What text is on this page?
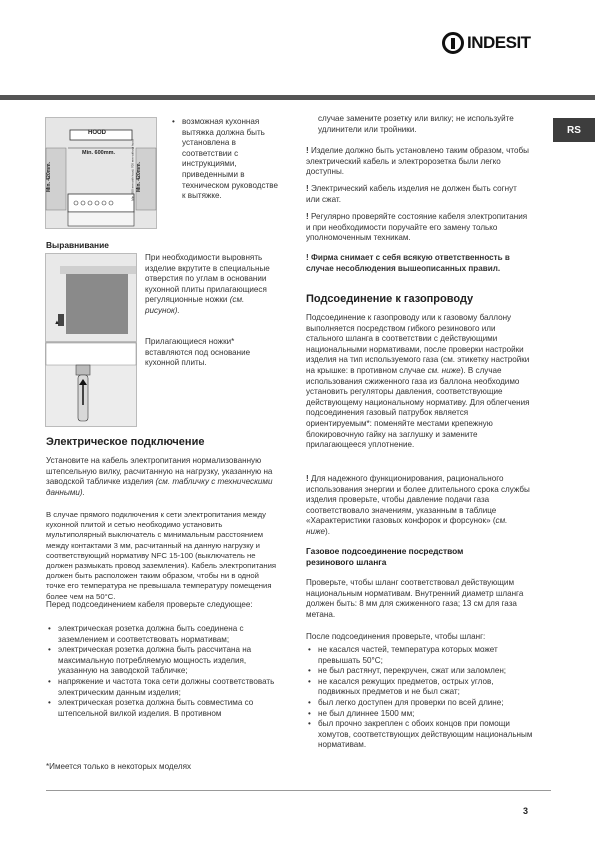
INDESIT
RS
HOOD
Min. 600mm.
Min. 420mm.	Min. 420mm.
Min. 650 mm with hood; 700 mm without hood
• возможная кухонная вытяжка должна быть установлена в соответствии с инструкциями, приведенными в техническом руководстве к вытяжке.
Выравнивание
▲
При необходимости выровнять изделие вкрутите в специальные отверстия по углам в основании кухонной плиты прилагающиеся регуляционные ножки (см. рисунок).
Прилагающиеся ножки* вставляются под основание кухонной плиты.
Электрическое подключение
Установите на кабель электропитания нормализованную штепсельную вилку, расчитанную на нагрузку, указанную на заводской табличке изделия (см. табличку с техническими данными).
В случае прямого подключения к сети электропитания между кухонной плитой и сетью необходимо установить мультиполярный выключатель с минимальным расстоянием между контактами 3 мм, расчитанный на данную нагрузку и соответствующий нормативу NFC 15-100 (выключатель не должен размыкать провод заземления). Кабель электропитания должен быть расположен таким образом, чтобы ни в одной точке его температура не превышала температуру помещения более чем на 50°C.
Перед подсоединением кабеля проверьте следующее:
• электрическая розетка должна быть соединена с заземлением и соответствовать нормативам;
• электрическая розетка должна быть рассчитана на максимальную потребляемую мощность изделия, указанную на заводской табличке;
• напряжение и частота тока сети должны соответствовать электрическим данным изделия;
• электрическая розетка должна быть совместима со штепсельной вилкой изделия. В противном
*Имеется только в некоторых моделях
случае замените розетку или вилку; не используйте удлинители или тройники.
! Изделие должно быть установлено таким образом, чтобы электрический кабель и электророзетка были легко доступны.
! Электрический кабель изделия не должен быть согнут или сжат.
! Регулярно проверяйте состояние кабеля электропитания и при необходимости поручайте его замену только уполномоченным техникам.
! Фирма снимает с себя всякую ответственность в случае несоблюдения вышеописанных правил.
Подсоединение к газопроводу
Подсоединение к газопроводу или к газовому баллону выполняется посредством гибкого резинового или стального шланга в соответствии с действующими национальными нормативами, после проверки настройки изделия на тип используемого газа (см. этикетку настройки на крышке: в противном случае см. ниже). В случае использования сжиженного газа из баллона необходимо установить регуляторы давления, соответствующие действующему национальному нормативу. Для облегчения подсоединения газовый патрубок является ориентируемым*: поменяйте местами крепежную блокировочную гайку на заглушку и замените прилагающееся уплотнение.
! Для надежного функционирования, рационального использования энергии и более длительного срока службы изделия проверьте, чтобы давление подачи газа соответствовало значениям, указанным в таблице «Характеристики газовых конфорок и форсунок» (см. ниже).
Газовое подсоединение посредством резинового шланга
Проверьте, чтобы шланг соответствовал действующим национальным нормативам. Внутренний диаметр шланга должен быть: 8 мм для сжиженного газа; 13 см для газа метана.
После подсоединения проверьте, чтобы шланг:
• не касался частей, температура которых может превышать 50°C;
• не был растянут, перекручен, сжат или заломлен;
• не касался режущих предметов, острых углов, подвижных предметов и не был сжат;
• был легко доступен для проверки по всей длине;
• не был длиннее 1500 мм;
• был прочно закреплен с обоих концов при помощи хомутов, соответствующих действующим национальным нормативам.
3
